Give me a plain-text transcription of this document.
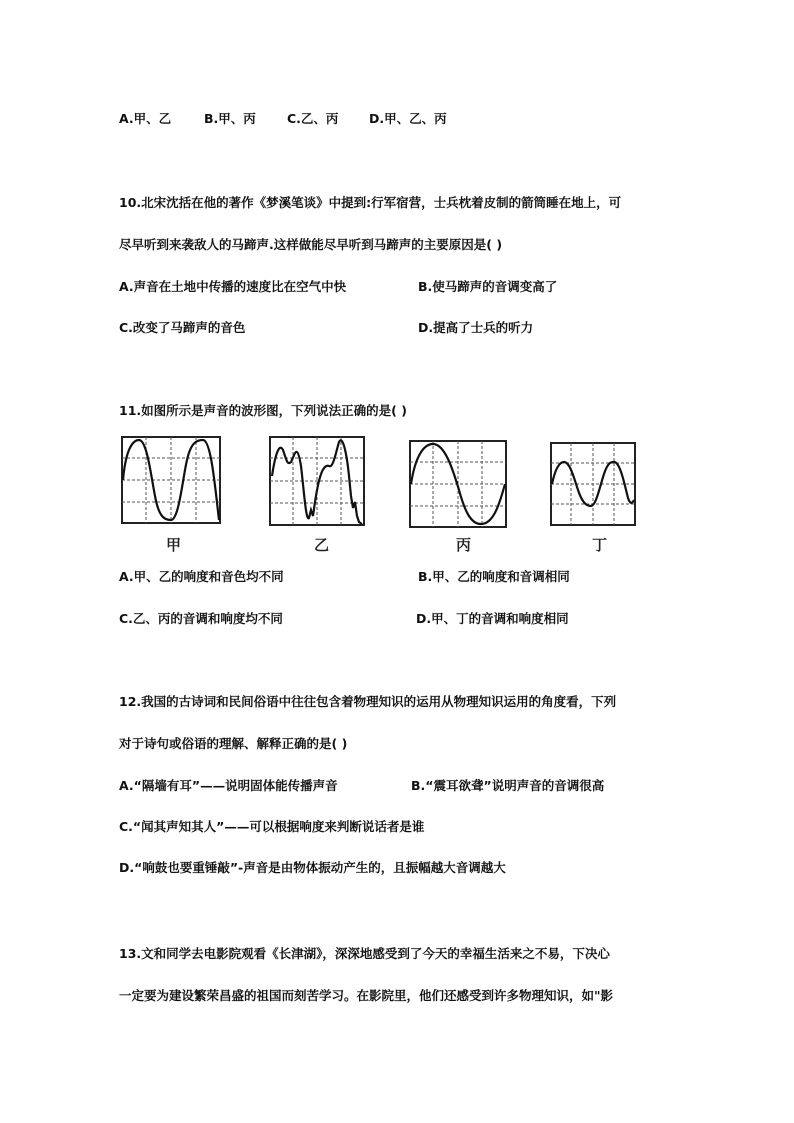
A.甲、乙	B.甲、丙 C.乙、丙 D.甲、乙、丙
10.北宋沈括在他的著作《梦溪笔谈》中提到:行军宿营，士兵枕着皮制的箭筒睡在地上，可
尽早听到来袭敌人的马蹄声.这样做能尽早听到马蹄声的主要原因是( )
A.声音在土地中传播的速度比在空气中快	B.使马蹄声的音调变高了
C.改变了马蹄声的音色	D.提高了士兵的听力
11.如图所示是声音的波形图，下列说法正确的是( )
甲	乙	丙	丁
A.甲、乙的响度和音色均不同	B.甲、乙的响度和音调相同
C.乙、丙的音调和响度均不同	D.甲、丁的音调和响度相同
12.我国的古诗词和民间俗语中往往包含着物理知识的运用从物理知识运用的角度看，下列
对于诗句或俗语的理解、解释正确的是( )
A.“隔墙有耳”——说明固体能传播声音	B.“震耳欲聋”说明声音的音调很高
C.“闻其声知其人”——可以根据响度来判断说话者是谁
D.“响鼓也要重锤敲”-声音是由物体振动产生的，且振幅越大音调越大
13.文和同学去电影院观看《长津湖》，深深地感受到了今天的幸福生活来之不易，下决心
一定要为建设繁荣昌盛的祖国而刻苦学习。在影院里，他们还感受到许多物理知识，如"影
